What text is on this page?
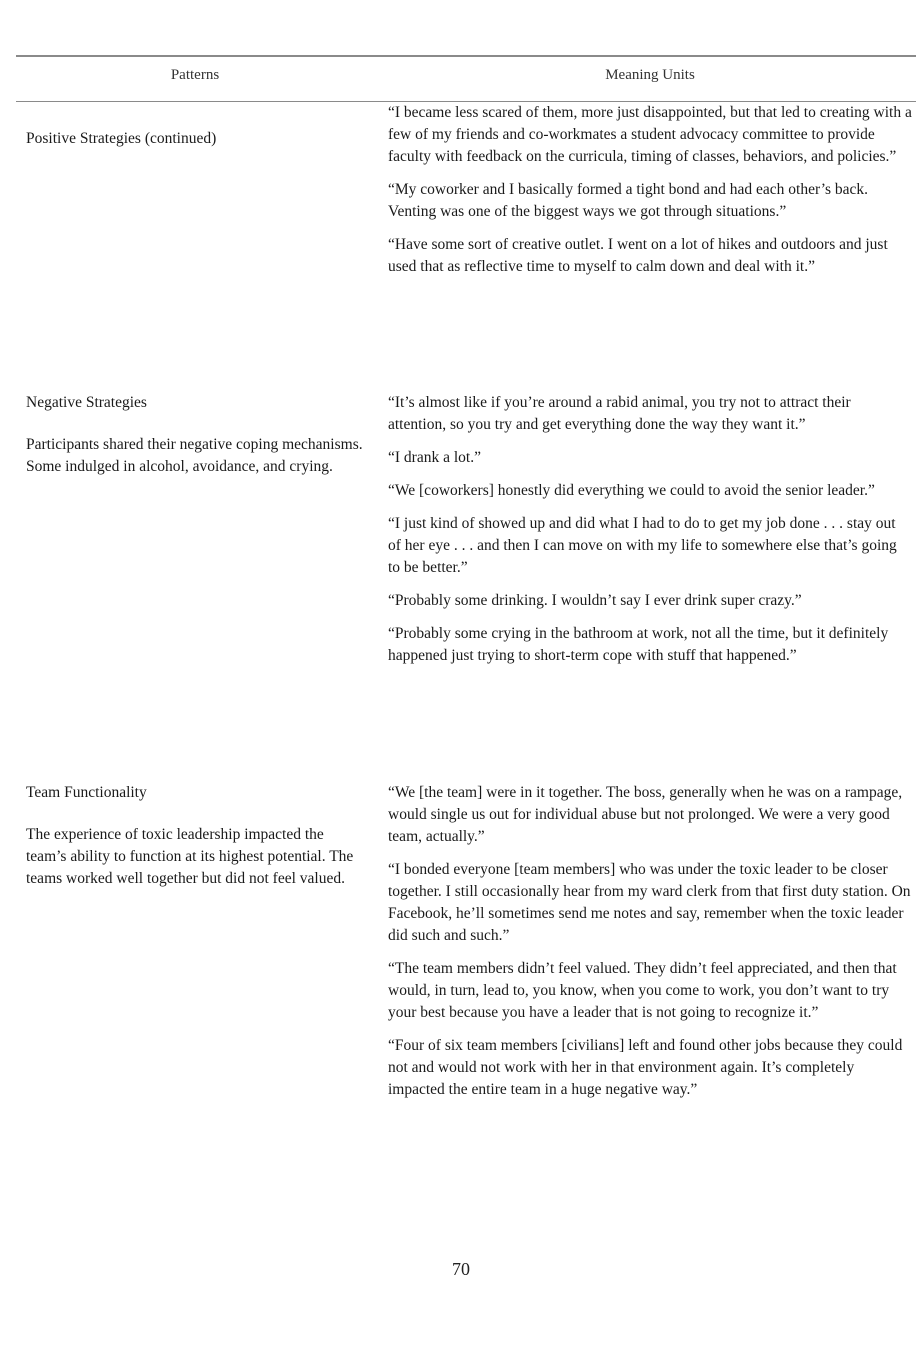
Patterns	Meaning Units

Positive Strategies (continued)

“I became less scared of them, more just disappointed, but that led to creating with a few of my friends and co-workmates a student advocacy committee to provide faculty with feedback on the curricula, timing of classes, behaviors, and policies.”

“My coworker and I basically formed a tight bond and had each other’s back. Venting was one of the biggest ways we got through situations.”

“Have some sort of creative outlet. I went on a lot of hikes and outdoors and just used that as reflective time to myself to calm down and deal with it.”

Negative Strategies

Participants shared their negative coping mechanisms. Some indulged in alcohol, avoidance, and crying.

“It’s almost like if you’re around a rabid animal, you try not to attract their attention, so you try and get everything done the way they want it.”

“I drank a lot.”

“We [coworkers] honestly did everything we could to avoid the senior leader.”

“I just kind of showed up and did what I had to do to get my job done . . . stay out of her eye . . . and then I can move on with my life to somewhere else that’s going to be better.”

“Probably some drinking. I wouldn’t say I ever drink super crazy.”

“Probably some crying in the bathroom at work, not all the time, but it definitely happened just trying to short-term cope with stuff that happened.”

Team Functionality

The experience of toxic leadership impacted the team’s ability to function at its highest potential. The teams worked well together but did not feel valued.

“We [the team] were in it together. The boss, generally when he was on a rampage, would single us out for individual abuse but not prolonged. We were a very good team, actually.”

“I bonded everyone [team members] who was under the toxic leader to be closer together. I still occasionally hear from my ward clerk from that first duty station. On Facebook, he’ll sometimes send me notes and say, remember when the toxic leader did such and such.”

“The team members didn’t feel valued. They didn’t feel appreciated, and then that would, in turn, lead to, you know, when you come to work, you don’t want to try your best because you have a leader that is not going to recognize it.”

“Four of six team members [civilians] left and found other jobs because they could not and would not work with her in that environment again. It’s completely impacted the entire team in a huge negative way.”

70
